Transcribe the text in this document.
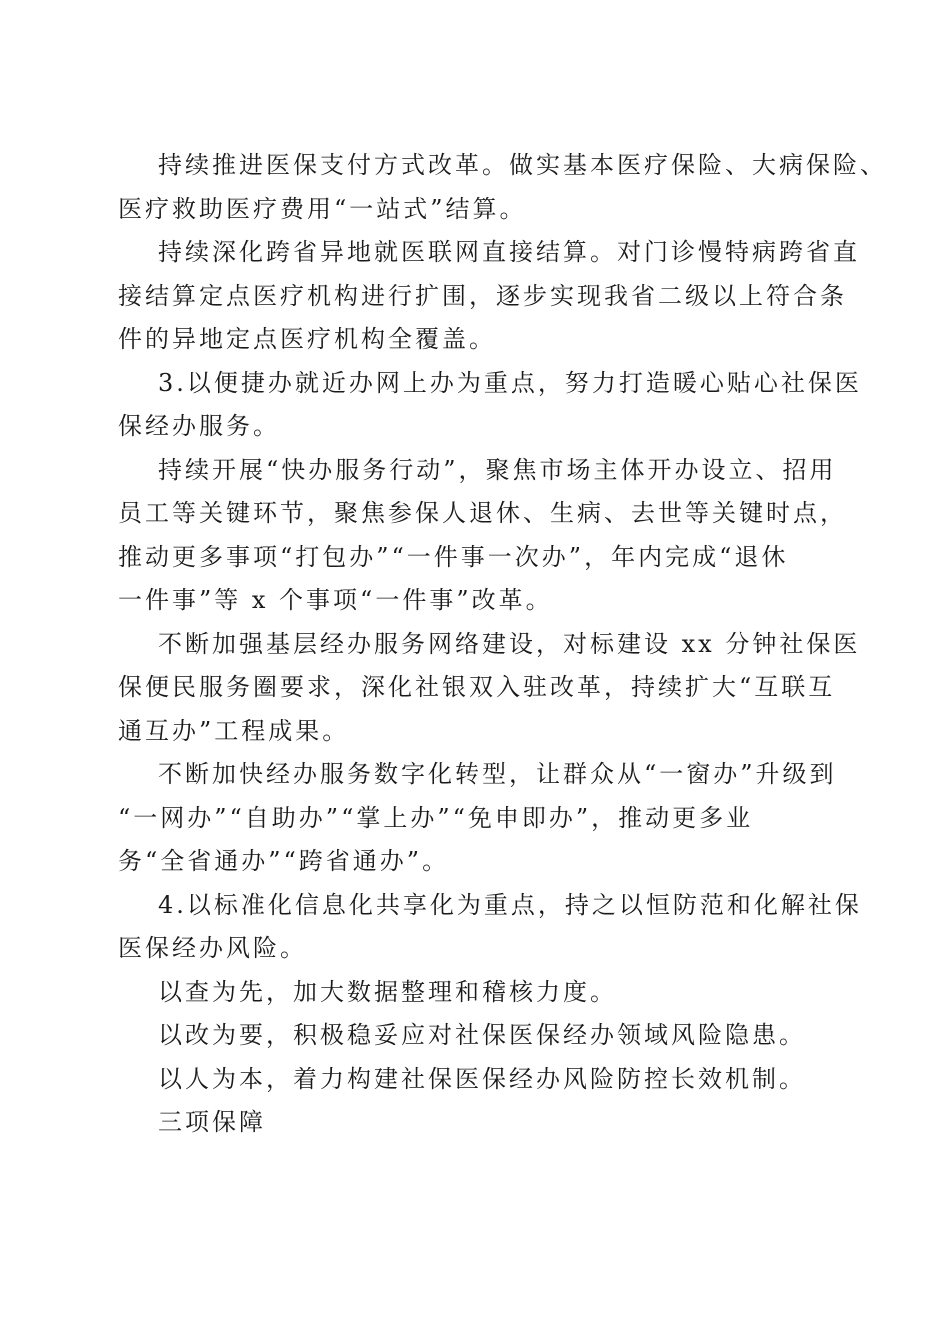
持续推进医保支付方式改革。做实基本医疗保险、大病保险、
医疗救助医疗费用“一站式”结算。
持续深化跨省异地就医联网直接结算。对门诊慢特病跨省直
接结算定点医疗机构进行扩围，逐步实现我省二级以上符合条
件的异地定点医疗机构全覆盖。
3.以便捷办就近办网上办为重点，努力打造暖心贴心社保医
保经办服务。
持续开展“快办服务行动”，聚焦市场主体开办设立、招用
员工等关键环节，聚焦参保人退休、生病、去世等关键时点，
推动更多事项“打包办”“一件事一次办”，年内完成“退休
一件事”等 x 个事项“一件事”改革。
不断加强基层经办服务网络建设，对标建设 xx 分钟社保医
保便民服务圈要求，深化社银双入驻改革，持续扩大“互联互
通互办”工程成果。
不断加快经办服务数字化转型，让群众从“一窗办”升级到
“一网办”“自助办”“掌上办”“免申即办”，推动更多业
务“全省通办”“跨省通办”。
4.以标准化信息化共享化为重点，持之以恒防范和化解社保
医保经办风险。
以查为先，加大数据整理和稽核力度。
以改为要，积极稳妥应对社保医保经办领域风险隐患。
以人为本，着力构建社保医保经办风险防控长效机制。
三项保障
